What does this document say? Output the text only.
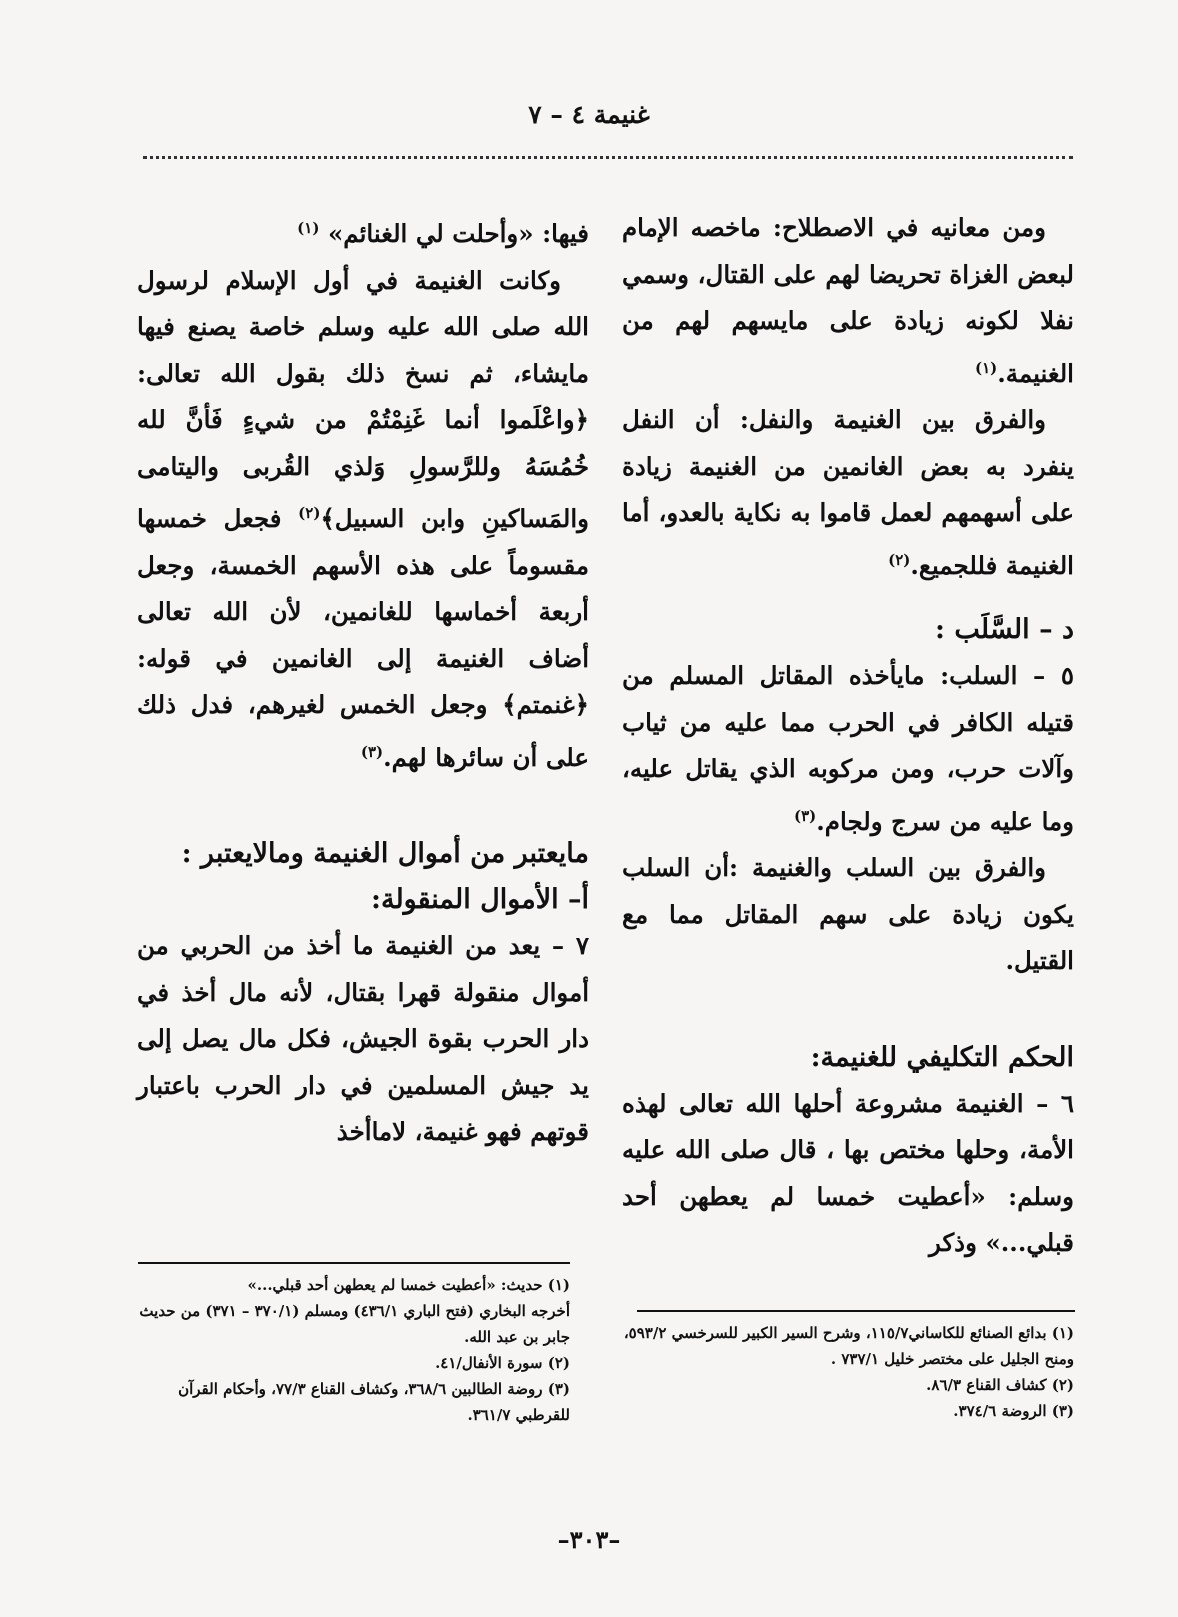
غنيمة ٤ – ٧

ومن معانيه في الاصطلاح: ماخصه الإمام لبعض الغزاة تحريضا لهم على القتال، وسمي نفلا لكونه زيادة على مايسهم لهم من الغنيمة.$^{(١)}$

والفرق بين الغنيمة والنفل: أن النفل ينفرد به بعض الغانمين من الغنيمة زيادة على أسهمهم لعمل قاموا به نكاية بالعدو، أما الغنيمة فللجميع.$^{(٢)}$

د – السَّلَب :

٥ – السلب: مايأخذه المقاتل المسلم من قتيله الكافر في الحرب مما عليه من ثياب وآلات حرب، ومن مركوبه الذي يقاتل عليه، وما عليه من سرج ولجام.$^{(٣)}$

والفرق بين السلب والغنيمة :أن السلب يكون زيادة على سهم المقاتل مما مع القتيل.

الحكم التكليفي للغنيمة:

٦ – الغنيمة مشروعة أحلها الله تعالى لهذه الأمة، وحلها مختص بها ، قال صلى الله عليه وسلم: «أعطيت خمسا لم يعطهن أحد قبلي...» وذكر

فيها: «وأحلت لي الغنائم» $^{(١)}$

وكانت الغنيمة في أول الإسلام لرسول الله صلى الله عليه وسلم خاصة يصنع فيها مايشاء، ثم نسخ ذلك بقول الله تعالى: ﴿واعْلَموا أنما غَنِمْتُمْ من شيءٍ فَأنَّ لله خُمُسَهُ وللرَّسولِ وَلذي القُربى واليتامى والمَساكينِ وابن السبيل﴾$^{(٢)}$ فجعل خمسها مقسوماً على هذه الأسهم الخمسة، وجعل أربعة أخماسها للغانمين، لأن الله تعالى أضاف الغنيمة إلى الغانمين في قوله: ﴿غنمتم﴾ وجعل الخمس لغيرهم، فدل ذلك على أن سائرها لهم.$^{(٣)}$

مايعتبر من أموال الغنيمة ومالايعتبر :
أ– الأموال المنقولة:

٧ – يعد من الغنيمة ما أخذ من الحربي من أموال منقولة قهرا بقتال، لأنه مال أخذ في دار الحرب بقوة الجيش، فكل مال يصل إلى يد جيش المسلمين في دار الحرب باعتبار قوتهم فهو غنيمة، لاماأخذ

(١) بدائع الصنائع للكاساني١١٥/٧، وشرح السير الكبير للسرخسي ٥٩٣/٢، ومنح الجليل على مختصر خليل ٧٣٧/١ .
(٢) كشاف القناع ٨٦/٣.
(٣) الروضة ٣٧٤/٦.
(١) حديث: «أعطيت خمسا لم يعطهن أحد قبلي...»
أخرجه البخاري (فتح الباري ٤٣٦/١) ومسلم (٣٧٠/١ – ٣٧١) من حديث جابر بن عبد الله.
(٢) سورة الأنفال/٤١.
(٣) روضة الطالبين ٣٦٨/٦، وكشاف القناع ٧٧/٣، وأحكام القرآن للقرطبي ٣٦١/٧.
–٣٠٣–
